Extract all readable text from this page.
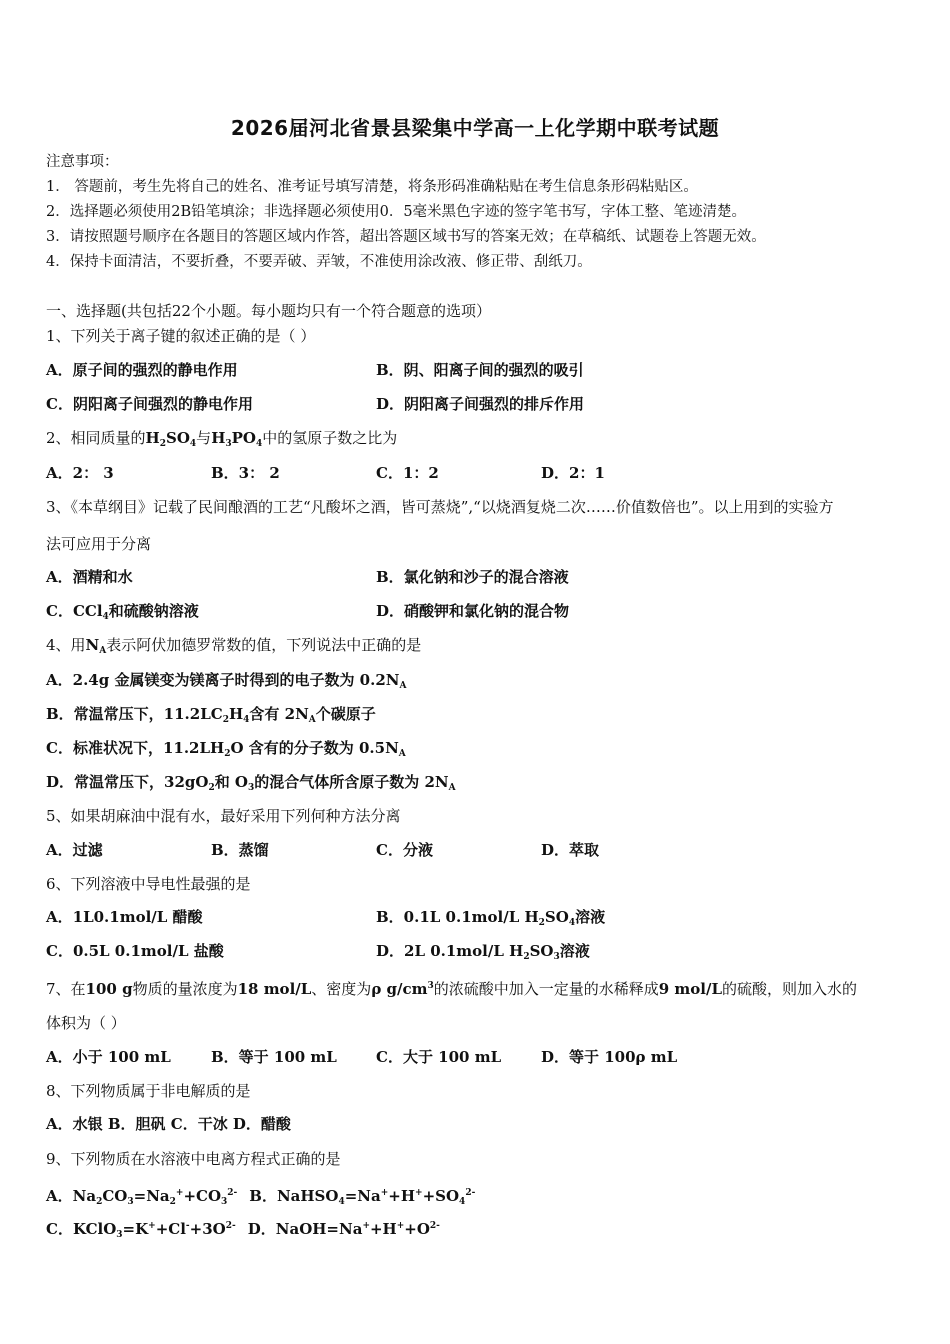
2026届河北省景县梁集中学高一上化学期中联考试题
注意事项：
1． 答题前，考生先将自己的姓名、准考证号填写清楚，将条形码准确粘贴在考生信息条形码粘贴区。
2．选择题必须使用2B铅笔填涂；非选择题必须使用0．5毫米黑色字迹的签字笔书写，字体工整、笔迹清楚。
3．请按照题号顺序在各题目的答题区域内作答，超出答题区域书写的答案无效；在草稿纸、试题卷上答题无效。
4．保持卡面清洁，不要折叠，不要弄破、弄皱，不准使用涂改液、修正带、刮纸刀。
一、选择题(共包括22个小题。每小题均只有一个符合题意的选项）
1、下列关于离子键的叙述正确的是（ ）
A．原子间的强烈的静电作用	B．阴、阳离子间的强烈的吸引
C．阴阳离子间强烈的静电作用	D．阴阳离子间强烈的排斥作用
2、相同质量的$H_2SO_4$与$H_3PO_4$中的氢原子数之比为
A．2： 3	B．3： 2	C．1：2	D．2：1
3、《本草纲目》记载了民间酿酒的工艺“凡酸坏之酒，皆可蒸烧”,“以烧酒复烧二次……价值数倍也”。以上用到的实验方
法可应用于分离
A．酒精和水	B．氯化钠和沙子的混合溶液
C．CCl$_4$和硫酸钠溶液	D．硝酸钾和氯化钠的混合物
4、用$N_A$表示阿伏加德罗常数的值，下列说法中正确的是
A．2.4g 金属镁变为镁离子时得到的电子数为 $0.2N_A$
B．常温常压下，$11.2LC_2H_4$含有 $2N_A$个碳原子
C．标准状况下，$11.2LH_2O$ 含有的分子数为 $0.5N_A$
D．常温常压下，$32gO_2$和 $O_3$的混合气体所含原子数为 $2N_A$
5、如果胡麻油中混有水，最好采用下列何种方法分离
A．过滤	B．蒸馏	C．分液	D．萃取
6、下列溶液中导电性最强的是
A．1L0.1mol/L 醋酸	B．0.1L 0.1mol/L $H_2SO_4$溶液
C．0.5L 0.1mol/L 盐酸	D．2L 0.1mol/L $H_2SO_3$溶液
7、在100 g物质的量浓度为18 mol/L、密度为ρ $g/cm^3$的浓硫酸中加入一定量的水稀释成9 mol/L的硫酸，则加入水的
体积为（ ）
A．小于 100 mL	B．等于 100 mL	C．大于 100 mL	D．等于 100ρ mL
8、下列物质属于非电解质的是
A．水银 B．胆矾 C．干冰 D．醋酸
9、下列物质在水溶液中电离方程式正确的是
A．$Na_2CO_3=Na_2^++CO_3^{2-}$ B．$NaHSO_4=Na^++H^++SO_4^{2-}$
C．$KClO_3=K^++Cl^-+3O^{2-}$ D．$NaOH=Na^++H^++O^{2-}$
